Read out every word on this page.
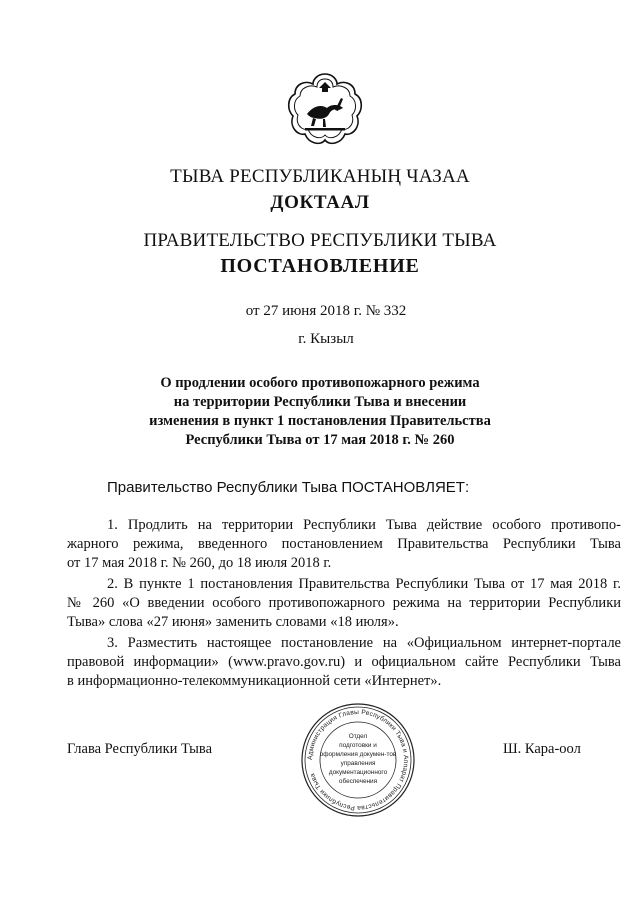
ТЫВА РЕСПУБЛИКАНЫҢ ЧАЗАА
ДОКТААЛ
ПРАВИТЕЛЬСТВО РЕСПУБЛИКИ ТЫВА
ПОСТАНОВЛЕНИЕ
от 27 июня 2018 г. № 332
г. Кызыл
О продлении особого противопожарного режима
на территории Республики Тыва и внесении
изменения в пункт 1 постановления Правительства
Республики Тыва от 17 мая 2018 г. № 260
Правительство Республики Тыва ПОСТАНОВЛЯЕТ:
1. Продлить на территории Республики Тыва действие особого противопо-
жарного режима, введенного постановлением Правительства Республики Тыва
от 17 мая 2018 г. № 260, до 18 июля 2018 г.
2. В пункте 1 постановления Правительства Республики Тыва от 17 мая 2018 г.
№ 260 «О введении особого противопожарного режима на территории Республики
Тыва» слова «27 июня» заменить словами «18 июля».
3. Разместить настоящее постановление на «Официальном интернет-портале
правовой информации» (www.pravo.gov.ru) и официальном сайте Республики Тыва
в информационно-телекоммуникационной сети «Интернет».
Глава Республики Тыва	Ш. Кара-оол
Администрация Главы Республики Тыва и Аппарат Правительства Республики Тыва
Отдел
подготовки и
оформления докумен-тов
управления
документационного
обеспечения
